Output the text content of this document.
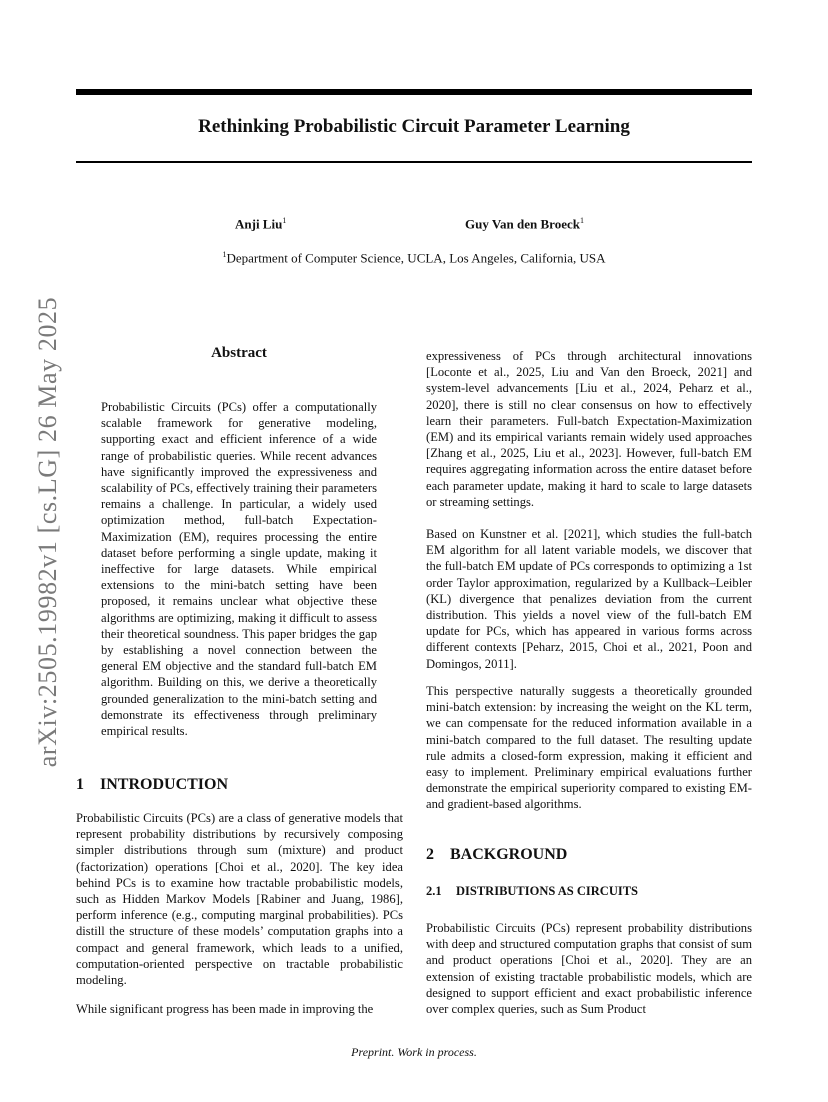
Rethinking Probabilistic Circuit Parameter Learning
Anji Liu$^1$	Guy Van den Broeck$^1$
$^1$Department of Computer Science, UCLA, Los Angeles, California, USA
arXiv:2505.19982v1 [cs.LG] 26 May 2025	Abstract

Probabilistic Circuits (PCs) offer a computationally scalable framework for generative modeling, supporting exact and efficient inference of a wide range of probabilistic queries. While recent advances have significantly improved the expressiveness and scalability of PCs, effectively training their parameters remains a challenge. In particular, a widely used optimization method, full-batch Expectation-Maximization (EM), requires processing the entire dataset before performing a single update, making it ineffective for large datasets. While empirical extensions to the mini-batch setting have been proposed, it remains unclear what objective these algorithms are optimizing, making it difficult to assess their theoretical soundness. This paper bridges the gap by establishing a novel connection between the general EM objective and the standard full-batch EM algorithm. Building on this, we derive a theoretically grounded generalization to the mini-batch setting and demonstrate its effectiveness through preliminary empirical results.

1 INTRODUCTION

Probabilistic Circuits (PCs) are a class of generative models that represent probability distributions by recursively composing simpler distributions through sum (mixture) and product (factorization) operations [Choi et al., 2020]. The key idea behind PCs is to examine how tractable probabilistic models, such as Hidden Markov Models [Rabiner and Juang, 1986], perform inference (e.g., computing marginal probabilities). PCs distill the structure of these models’ computation graphs into a compact and general framework, which leads to a unified, computation-oriented perspective on tractable probabilistic modeling.

While significant progress has been made in improving the

expressiveness of PCs through architectural innovations [Loconte et al., 2025, Liu and Van den Broeck, 2021] and system-level advancements [Liu et al., 2024, Peharz et al., 2020], there is still no clear consensus on how to effectively learn their parameters. Full-batch Expectation-Maximization (EM) and its empirical variants remain widely used approaches [Zhang et al., 2025, Liu et al., 2023]. However, full-batch EM requires aggregating information across the entire dataset before each parameter update, making it hard to scale to large datasets or streaming settings.

Based on Kunstner et al. [2021], which studies the full-batch EM algorithm for all latent variable models, we discover that the full-batch EM update of PCs corresponds to optimizing a 1st order Taylor approximation, regularized by a Kullback–Leibler (KL) divergence that penalizes deviation from the current distribution. This yields a novel view of the full-batch EM update for PCs, which has appeared in various forms across different contexts [Peharz, 2015, Choi et al., 2021, Poon and Domingos, 2011].

This perspective naturally suggests a theoretically grounded mini-batch extension: by increasing the weight on the KL term, we can compensate for the reduced information available in a mini-batch compared to the full dataset. The resulting update rule admits a closed-form expression, making it efficient and easy to implement. Preliminary empirical evaluations further demonstrate the empirical superiority compared to existing EM- and gradient-based algorithms.

2 BACKGROUND
2.1 DISTRIBUTIONS AS CIRCUITS

Probabilistic Circuits (PCs) represent probability distributions with deep and structured computation graphs that consist of sum and product operations [Choi et al., 2020]. They are an extension of existing tractable probabilistic models, which are designed to support efficient and exact probabilistic inference over complex queries, such as Sum Product

Preprint. Work in process.
